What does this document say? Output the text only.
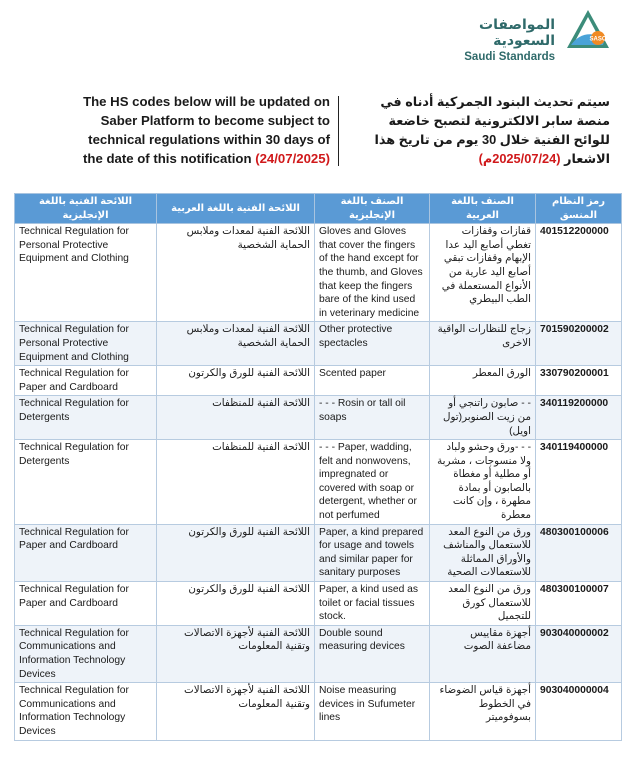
المواصفات السعودية
Saudi Standards
SASO
The HS codes below will be updated on Saber Platform to become subject to technical regulations within 30 days of the date of this notification (24/07/2025)
سيتم تحديث البنود الجمركية أدناه في منصة سابر الالكترونية لتصبح خاضعة للوائح الفنية خلال 30 يوم من تاريخ هذا الاشعار (2025/07/24م)
اللائحة الفنية باللغة الإنجليزية	اللائحة الفنية باللغة العربية	الصنف باللغة الإنجليزية	الصنف باللغة العربية	رمز النظام المنسق
Technical Regulation for Personal Protective Equipment and Clothing	اللائحة الفنية لمعدات وملابس الحماية الشخصية	Gloves and Gloves that cover the fingers of the hand except for the thumb, and Gloves that keep the fingers bare of the kind used in veterinary medicine	قفازات وقفازات تغطي أصابع اليد عدا الإبهام وقفازات تبقي أصابع اليد عارية من الأنواع المستعملة في الطب البيطري	401512200000
Technical Regulation for Personal Protective Equipment and Clothing	اللائحة الفنية لمعدات وملابس الحماية الشخصية	Other protective spectacles	زجاج للنظارات الواقية الاخرى	701590200002
Technical Regulation for Paper and Cardboard	اللائحة الفنية للورق والكرتون	Scented paper	الورق المعطر	330790200001
Technical Regulation for Detergents	اللائحة الفنية للمنظفات	- - - Rosin or tall oil soaps	- - صابون راتنجي أو من زيت الصنوبر(تول اويل)	340119200000
Technical Regulation for Detergents	اللائحة الفنية للمنظفات	- - - Paper, wadding, felt and nonwovens, impregnated or covered with soap or detergent, whether or not perfumed	- - -ورق وحشو ولباد ولا منسوجات ، مشربة أو مطلية أو مغطاة بالصابون أو بمادة مطهرة ، وإن كانت معطرة	340119400000
Technical Regulation for Paper and Cardboard	اللائحة الفنية للورق والكرتون	Paper, a kind prepared for usage and towels and similar paper for sanitary purposes	ورق من النوع المعد للاستعمال والمناشف والأوراق المماثلة للاستعمالات الصحية	480300100006
Technical Regulation for Paper and Cardboard	اللائحة الفنية للورق والكرتون	Paper, a kind used as toilet or facial tissues stock.	ورق من النوع المعد للاستعمال كورق للتجميل	480300100007
Technical Regulation for Communications and Information Technology Devices	اللائحة الفنية لأجهزة الاتصالات وتقنية المعلومات	Double sound measuring devices	أجهزة مقاييس مضاعفة الصوت	903040000002
Technical Regulation for Communications and Information Technology Devices	اللائحة الفنية لأجهزة الاتصالات وتقنية المعلومات	Noise measuring devices in Sufumeter lines	أجهزة قياس الضوضاء في الخطوط بسوفوميتر	903040000004
